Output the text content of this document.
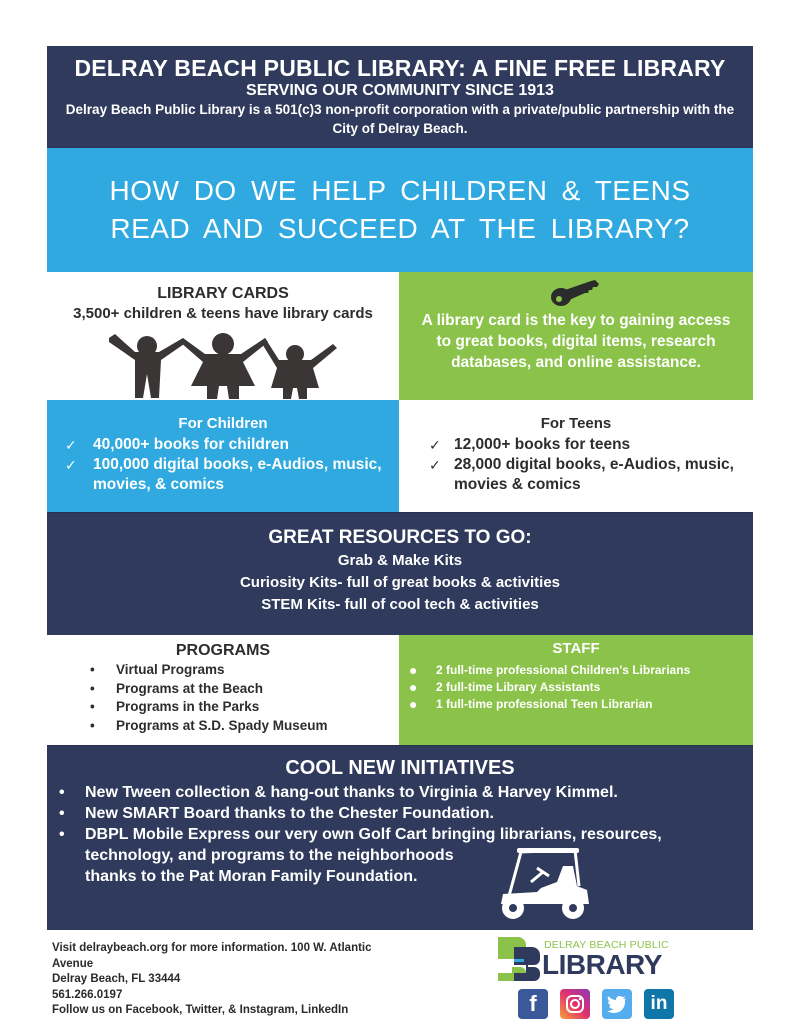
DELRAY BEACH PUBLIC LIBRARY: A FINE FREE LIBRARY
SERVING OUR COMMUNITY SINCE 1913
Delray Beach Public Library is a 501(c)3 non-profit corporation with a private/public partnership with the City of Delray Beach.
HOW DO WE HELP CHILDREN & TEENS READ AND SUCCEED AT THE LIBRARY?
LIBRARY CARDS
3,500+ children & teens have library cards	A library card is the key to gaining access to great books, digital items, research databases, and online assistance.
For Children
✓ 40,000+ books for children
✓ 100,000 digital books, e-Audios, music, movies, & comics
For Teens
✓ 12,000+ books for teens
✓ 28,000 digital books, e-Audios, music, movies & comics
GREAT RESOURCES TO GO:
Grab & Make Kits
Curiosity Kits- full of great books & activities
STEM Kits- full of cool tech & activities
PROGRAMS
• Virtual Programs
• Programs at the Beach
• Programs in the Parks
• Programs at S.D. Spady Museum
STAFF
● 2 full-time professional Children's Librarians
● 2 full-time Library Assistants
● 1 full-time professional Teen Librarian
COOL NEW INITIATIVES
• New Tween collection & hang-out thanks to Virginia & Harvey Kimmel.
• New SMART Board thanks to the Chester Foundation.
• DBPL Mobile Express our very own Golf Cart bringing librarians, resources,
technology, and programs to the neighborhoods
thanks to the Pat Moran Family Foundation.
Visit delraybeach.org for more information. 100 W. Atlantic
Avenue
Delray Beach, FL 33444
561.266.0197
Follow us on Facebook, Twitter, & Instagram, LinkedIn
DELRAY BEACH PUBLIC
LIBRARY
f	in
